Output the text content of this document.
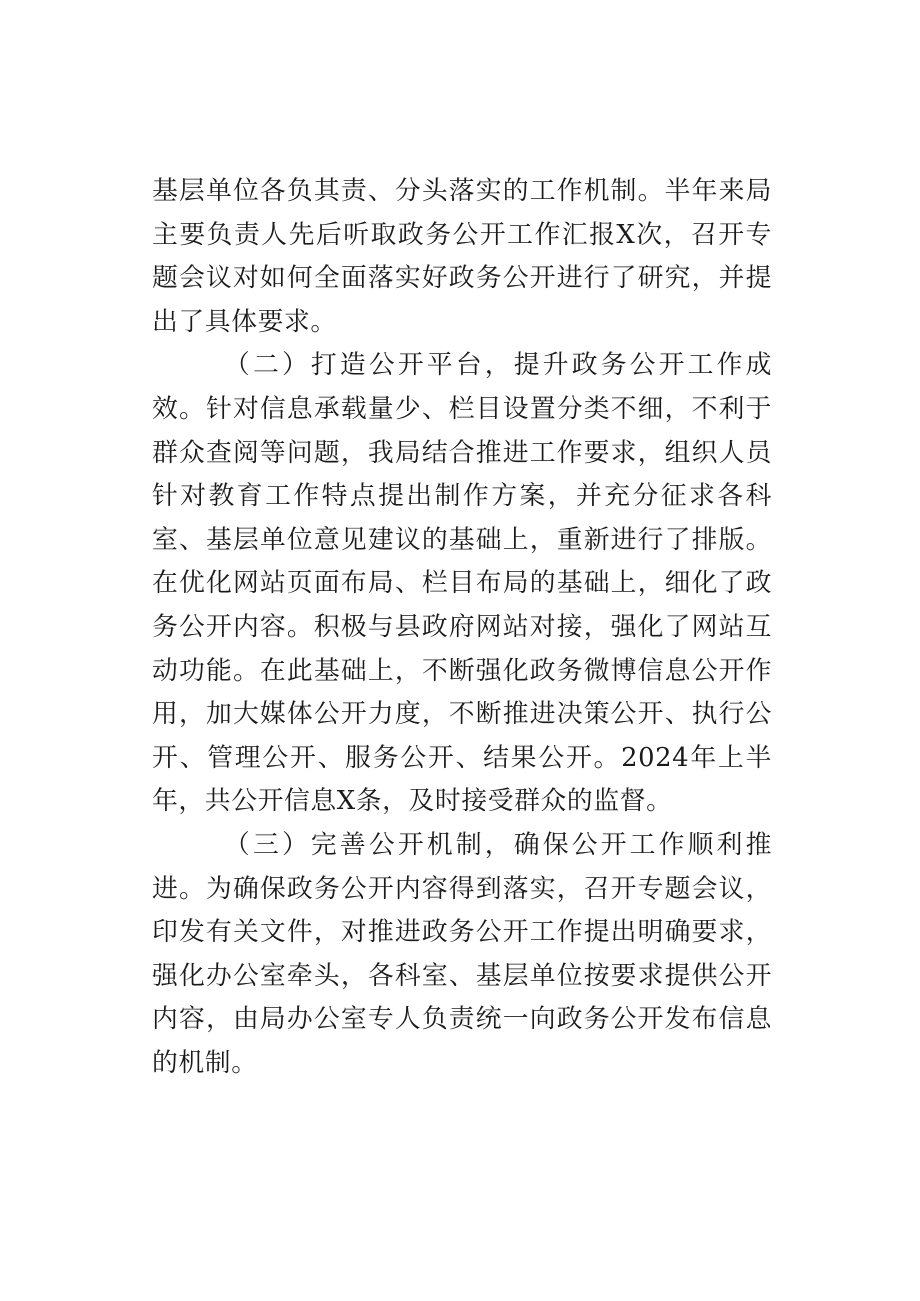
基层单位各负其责、分头落实的工作机制。半年来局主要负责人先后听取政务公开工作汇报X次，召开专题会议对如何全面落实好政务公开进行了研究，并提出了具体要求。

（二）打造公开平台，提升政务公开工作成效。针对信息承载量少、栏目设置分类不细，不利于群众查阅等问题，我局结合推进工作要求，组织人员针对教育工作特点提出制作方案，并充分征求各科室、基层单位意见建议的基础上，重新进行了排版。在优化网站页面布局、栏目布局的基础上，细化了政务公开内容。积极与县政府网站对接，强化了网站互动功能。在此基础上，不断强化政务微博信息公开作用，加大媒体公开力度，不断推进决策公开、执行公开、管理公开、服务公开、结果公开。2024年上半年，共公开信息X条，及时接受群众的监督。

（三）完善公开机制，确保公开工作顺利推进。为确保政务公开内容得到落实，召开专题会议，印发有关文件，对推进政务公开工作提出明确要求，强化办公室牵头，各科室、基层单位按要求提供公开内容，由局办公室专人负责统一向政务公开发布信息的机制。
